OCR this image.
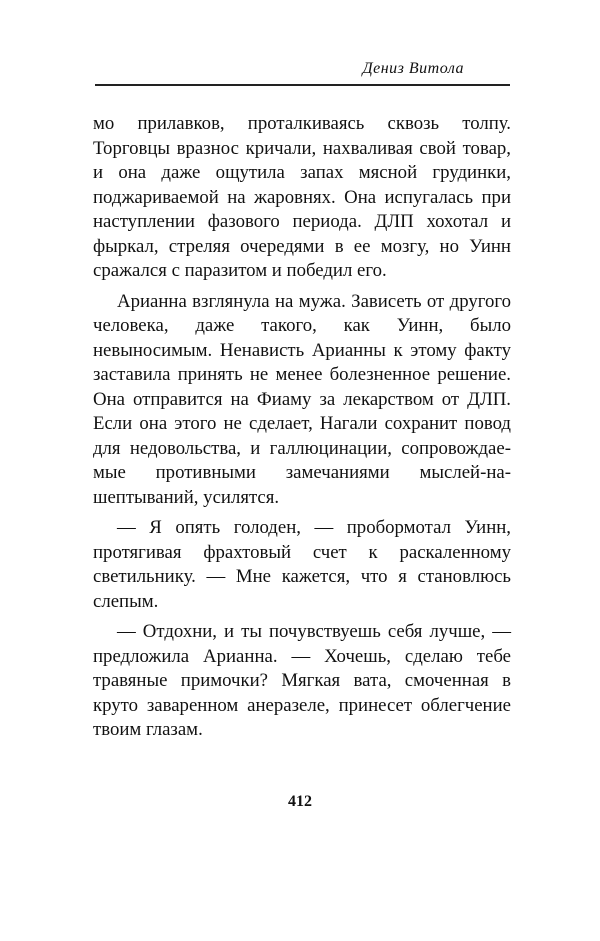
Дениз Витола

мо прилавков, проталкиваясь сквозь толпу. Торговцы вразнос кричали, нахваливая свой товар, и она даже ощутила запах мясной грудинки, поджариваемой на жаровнях. Она испугалась при наступлении фазового периода. ДЛП хохотал и фыркал, стреляя очередями в ее мозгу, но Уинн сражался с паразитом и победил его.

Арианна взглянула на мужа. Зависеть от другого человека, даже такого, как Уинн, было невыносимым. Ненависть Арианны к этому факту заставила принять не менее болезненное решение. Она отправится на Фиаму за лекарством от ДЛП. Если она этого не сделает, Нагали сохранит повод для недовольства, и галлюцинации, сопровождаемые противными замечаниями мыслей-нашептываний, усилятся.

— Я опять голоден, — пробормотал Уинн, протягивая фрахтовый счет к раскаленному светильнику. — Мне кажется, что я становлюсь слепым.

— Отдохни, и ты почувствуешь себя лучше, — предложила Арианна. — Хочешь, сделаю тебе травяные примочки? Мягкая вата, смоченная в круто заваренном анеразеле, принесет облегчение твоим глазам.

412
